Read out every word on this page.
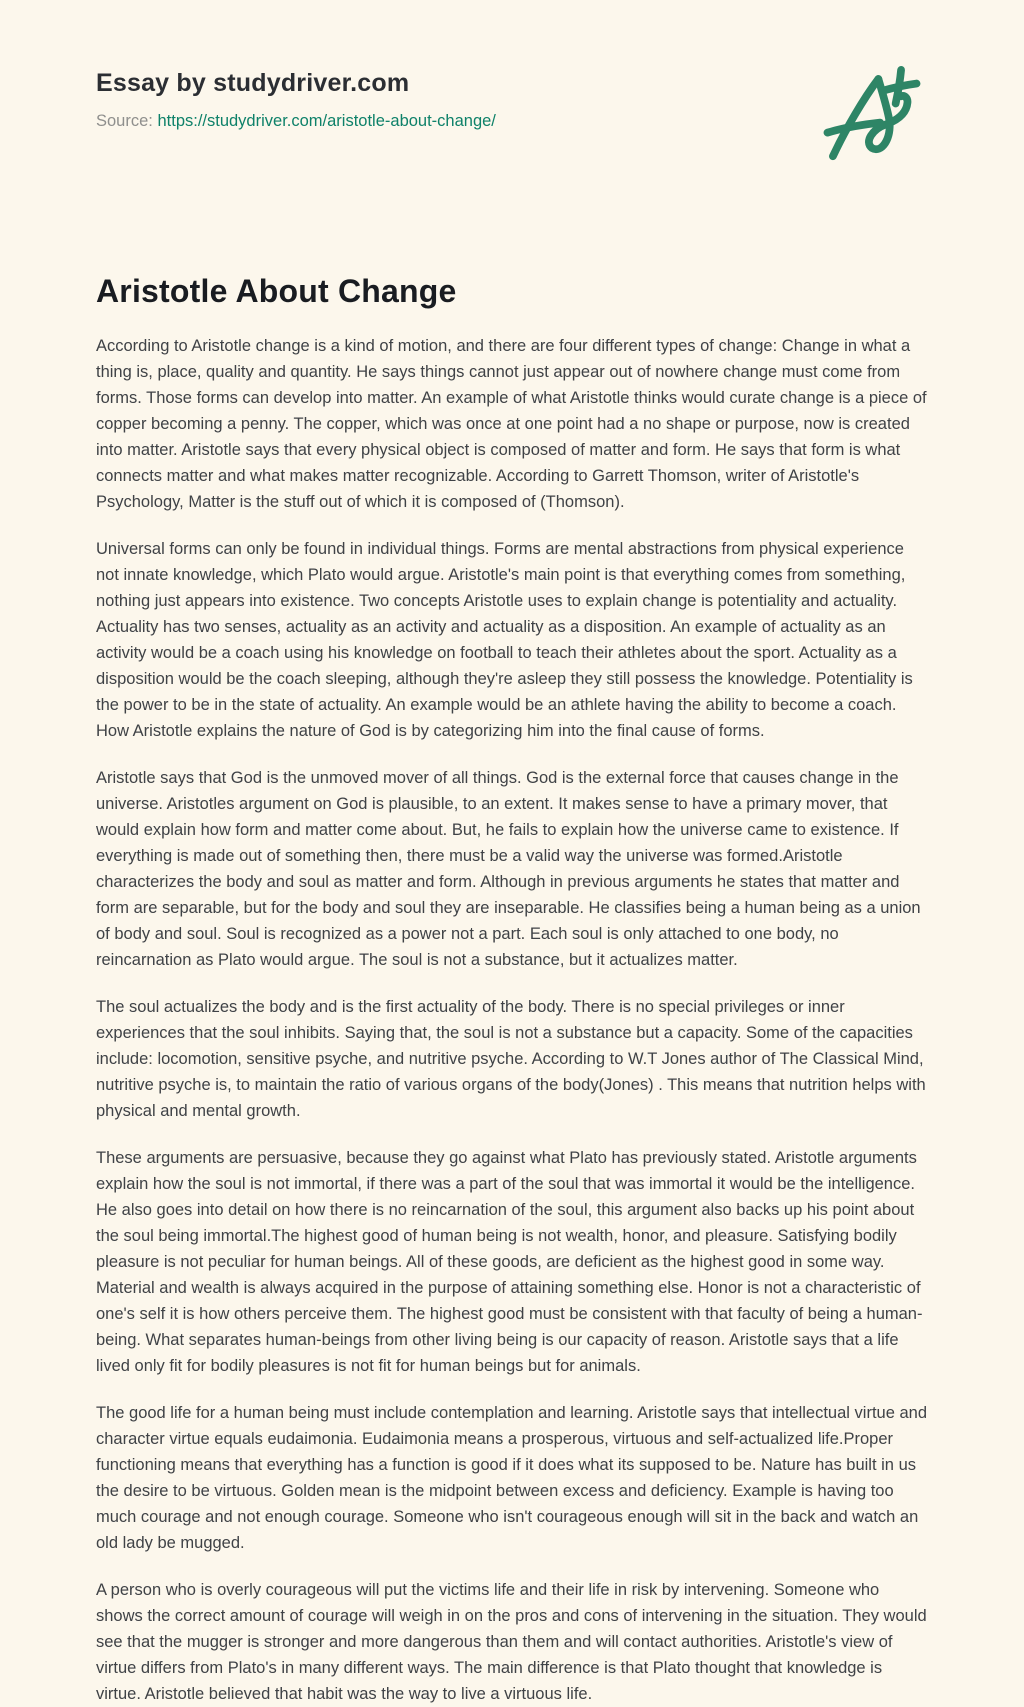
Essay by studydriver.com
Source: https://studydriver.com/aristotle-about-change/
Aristotle About Change

According to Aristotle change is a kind of motion, and there are four different types of change: Change in what a thing is, place, quality and quantity. He says things cannot just appear out of nowhere change must come from forms. Those forms can develop into matter. An example of what Aristotle thinks would curate change is a piece of copper becoming a penny. The copper, which was once at one point had a no shape or purpose, now is created into matter. Aristotle says that every physical object is composed of matter and form. He says that form is what connects matter and what makes matter recognizable. According to Garrett Thomson, writer of Aristotle's Psychology, Matter is the stuff out of which it is composed of (Thomson).

Universal forms can only be found in individual things. Forms are mental abstractions from physical experience not innate knowledge, which Plato would argue. Aristotle's main point is that everything comes from something, nothing just appears into existence. Two concepts Aristotle uses to explain change is potentiality and actuality. Actuality has two senses, actuality as an activity and actuality as a disposition. An example of actuality as an activity would be a coach using his knowledge on football to teach their athletes about the sport. Actuality as a disposition would be the coach sleeping, although they're asleep they still possess the knowledge. Potentiality is the power to be in the state of actuality. An example would be an athlete having the ability to become a coach. How Aristotle explains the nature of God is by categorizing him into the final cause of forms.

Aristotle says that God is the unmoved mover of all things. God is the external force that causes change in the universe. Aristotles argument on God is plausible, to an extent. It makes sense to have a primary mover, that would explain how form and matter come about. But, he fails to explain how the universe came to existence. If everything is made out of something then, there must be a valid way the universe was formed.Aristotle characterizes the body and soul as matter and form. Although in previous arguments he states that matter and form are separable, but for the body and soul they are inseparable. He classifies being a human being as a union of body and soul. Soul is recognized as a power not a part. Each soul is only attached to one body, no reincarnation as Plato would argue. The soul is not a substance, but it actualizes matter.

The soul actualizes the body and is the first actuality of the body. There is no special privileges or inner experiences that the soul inhibits. Saying that, the soul is not a substance but a capacity. Some of the capacities include: locomotion, sensitive psyche, and nutritive psyche. According to W.T Jones author of The Classical Mind, nutritive psyche is, to maintain the ratio of various organs of the body(Jones) . This means that nutrition helps with physical and mental growth.

These arguments are persuasive, because they go against what Plato has previously stated. Aristotle arguments explain how the soul is not immortal, if there was a part of the soul that was immortal it would be the intelligence. He also goes into detail on how there is no reincarnation of the soul, this argument also backs up his point about the soul being immortal.The highest good of human being is not wealth, honor, and pleasure. Satisfying bodily pleasure is not peculiar for human beings. All of these goods, are deficient as the highest good in some way. Material and wealth is always acquired in the purpose of attaining something else. Honor is not a characteristic of one's self it is how others perceive them. The highest good must be consistent with that faculty of being a human-being. What separates human-beings from other living being is our capacity of reason. Aristotle says that a life lived only fit for bodily pleasures is not fit for human beings but for animals.

The good life for a human being must include contemplation and learning. Aristotle says that intellectual virtue and character virtue equals eudaimonia. Eudaimonia means a prosperous, virtuous and self-actualized life.Proper functioning means that everything has a function is good if it does what its supposed to be. Nature has built in us the desire to be virtuous. Golden mean is the midpoint between excess and deficiency. Example is having too much courage and not enough courage. Someone who isn't courageous enough will sit in the back and watch an old lady be mugged.

A person who is overly courageous will put the victims life and their life in risk by intervening. Someone who shows the correct amount of courage will weigh in on the pros and cons of intervening in the situation. They would see that the mugger is stronger and more dangerous than them and will contact authorities. Aristotle's view of virtue differs from Plato's in many different ways. The main difference is that Plato thought that knowledge is virtue. Aristotle believed that habit was the way to live a virtuous life.
